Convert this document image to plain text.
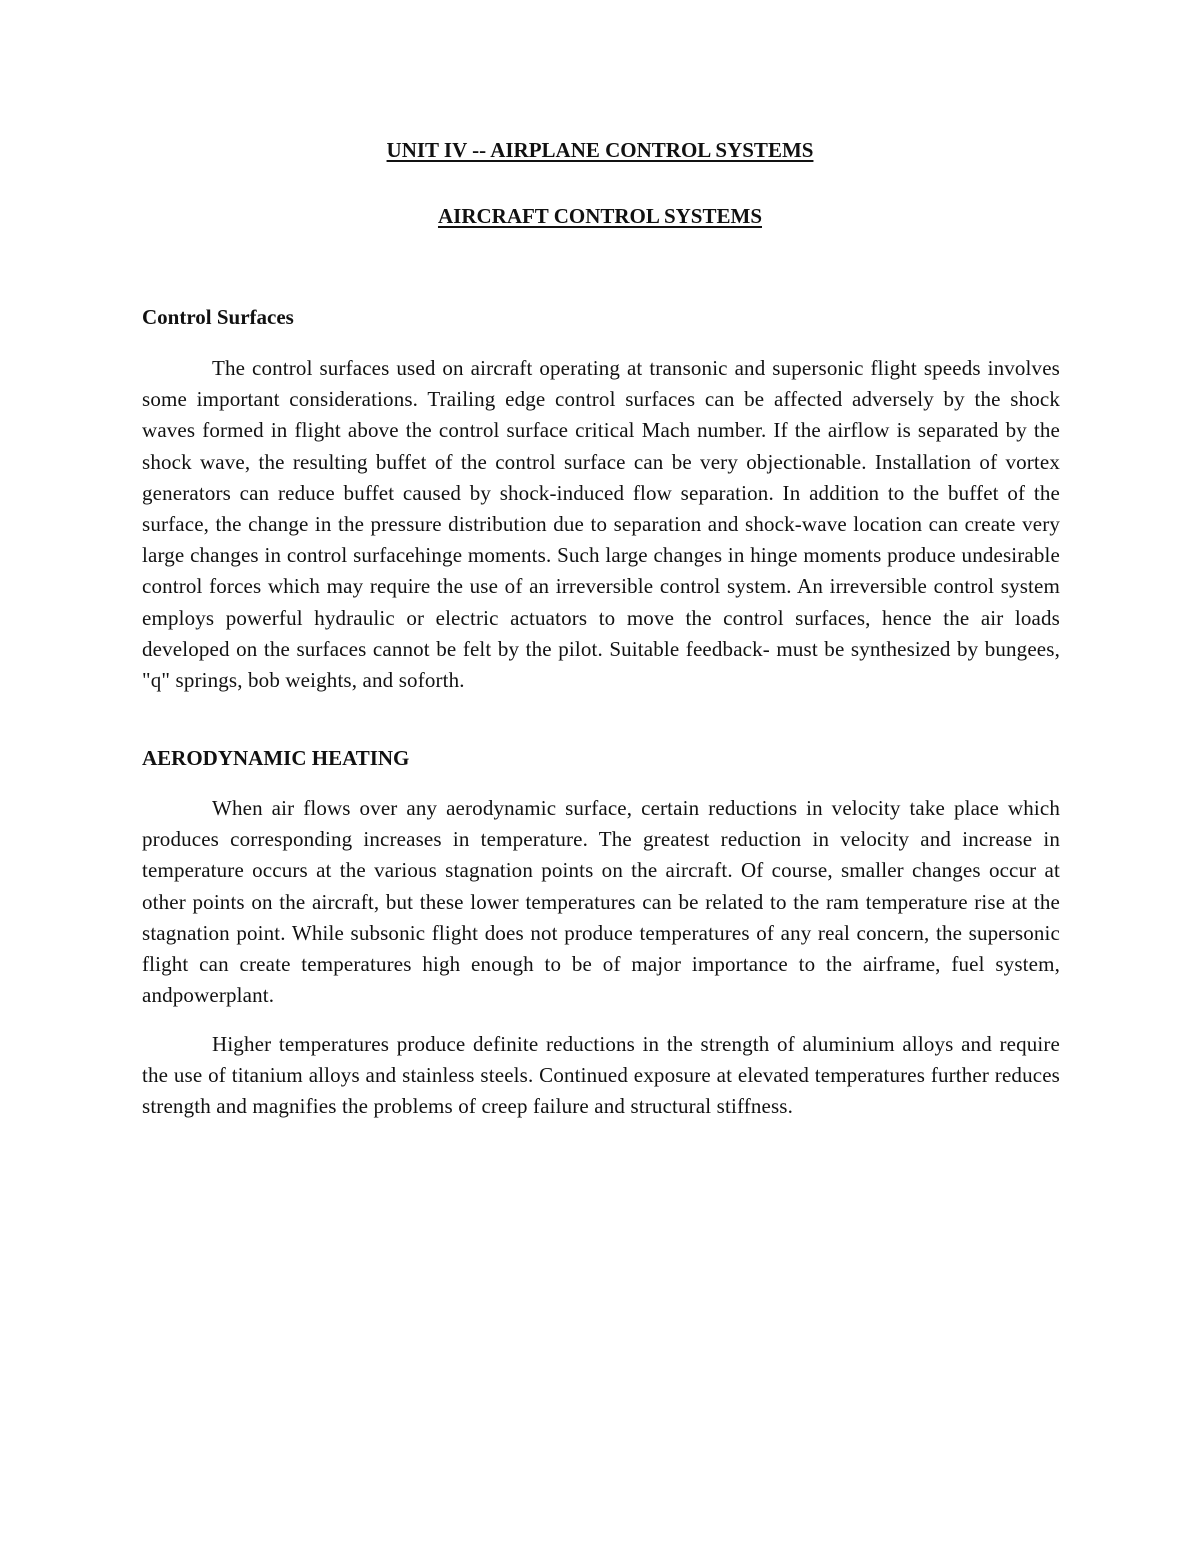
UNIT IV -- AIRPLANE CONTROL SYSTEMS
AIRCRAFT CONTROL SYSTEMS
Control Surfaces

The control surfaces used on aircraft operating at transonic and supersonic flight speeds involves some important considerations. Trailing edge control surfaces can be affected adversely by the shock waves formed in flight above the control surface critical Mach number. If the airflow is separated by the shock wave, the resulting buffet of the control surface can be very objectionable. Installation of vortex generators can reduce buffet caused by shock-induced flow separation. In addition to the buffet of the surface, the change in the pressure distribution due to separation and shock-wave location can create very large changes in control surfacehinge moments. Such large changes in hinge moments produce undesirable control forces which may require the use of an irreversible control system. An irreversible control system employs powerful hydraulic or electric actuators to move the control surfaces, hence the air loads developed on the surfaces cannot be felt by the pilot. Suitable feedback- must be synthesized by bungees, "q" springs, bob weights, and soforth.

AERODYNAMIC HEATING

When air flows over any aerodynamic surface, certain reductions in velocity take place which produces corresponding increases in temperature. The greatest reduction in velocity and increase in temperature occurs at the various stagnation points on the aircraft. Of course, smaller changes occur at other points on the aircraft, but these lower temperatures can be related to the ram temperature rise at the stagnation point. While subsonic flight does not produce temperatures of any real concern, the supersonic flight can create temperatures high enough to be of major importance to the airframe, fuel system, andpowerplant.

Higher temperatures produce definite reductions in the strength of aluminium alloys and require the use of titanium alloys and stainless steels. Continued exposure at elevated temperatures further reduces strength and magnifies the problems of creep failure and structural stiffness.
